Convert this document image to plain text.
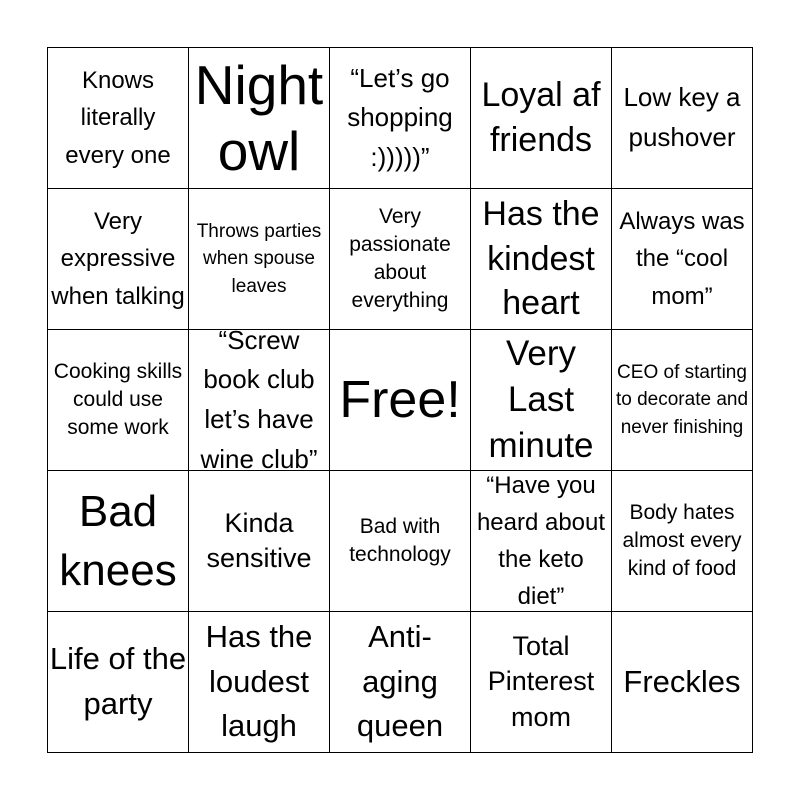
Knows literally every one
Night owl
“Let’s go shopping :)))))”
Loyal af friends
Low key a pushover
Very expressive when talking
Throws parties when spouse leaves
Very passionate about everything
Has the kindest heart
Always was the “cool mom”
Cooking skills could use some work
“Screw book club let’s have wine club”
Free!
Very Last minute
CEO of starting to decorate and never finishing
Bad knees
Kinda sensitive
Bad with technology
“Have you heard about the keto diet”
Body hates almost every kind of food
Life of the party
Has the loudest laugh
Anti-aging queen
Total Pinterest mom
Freckles
